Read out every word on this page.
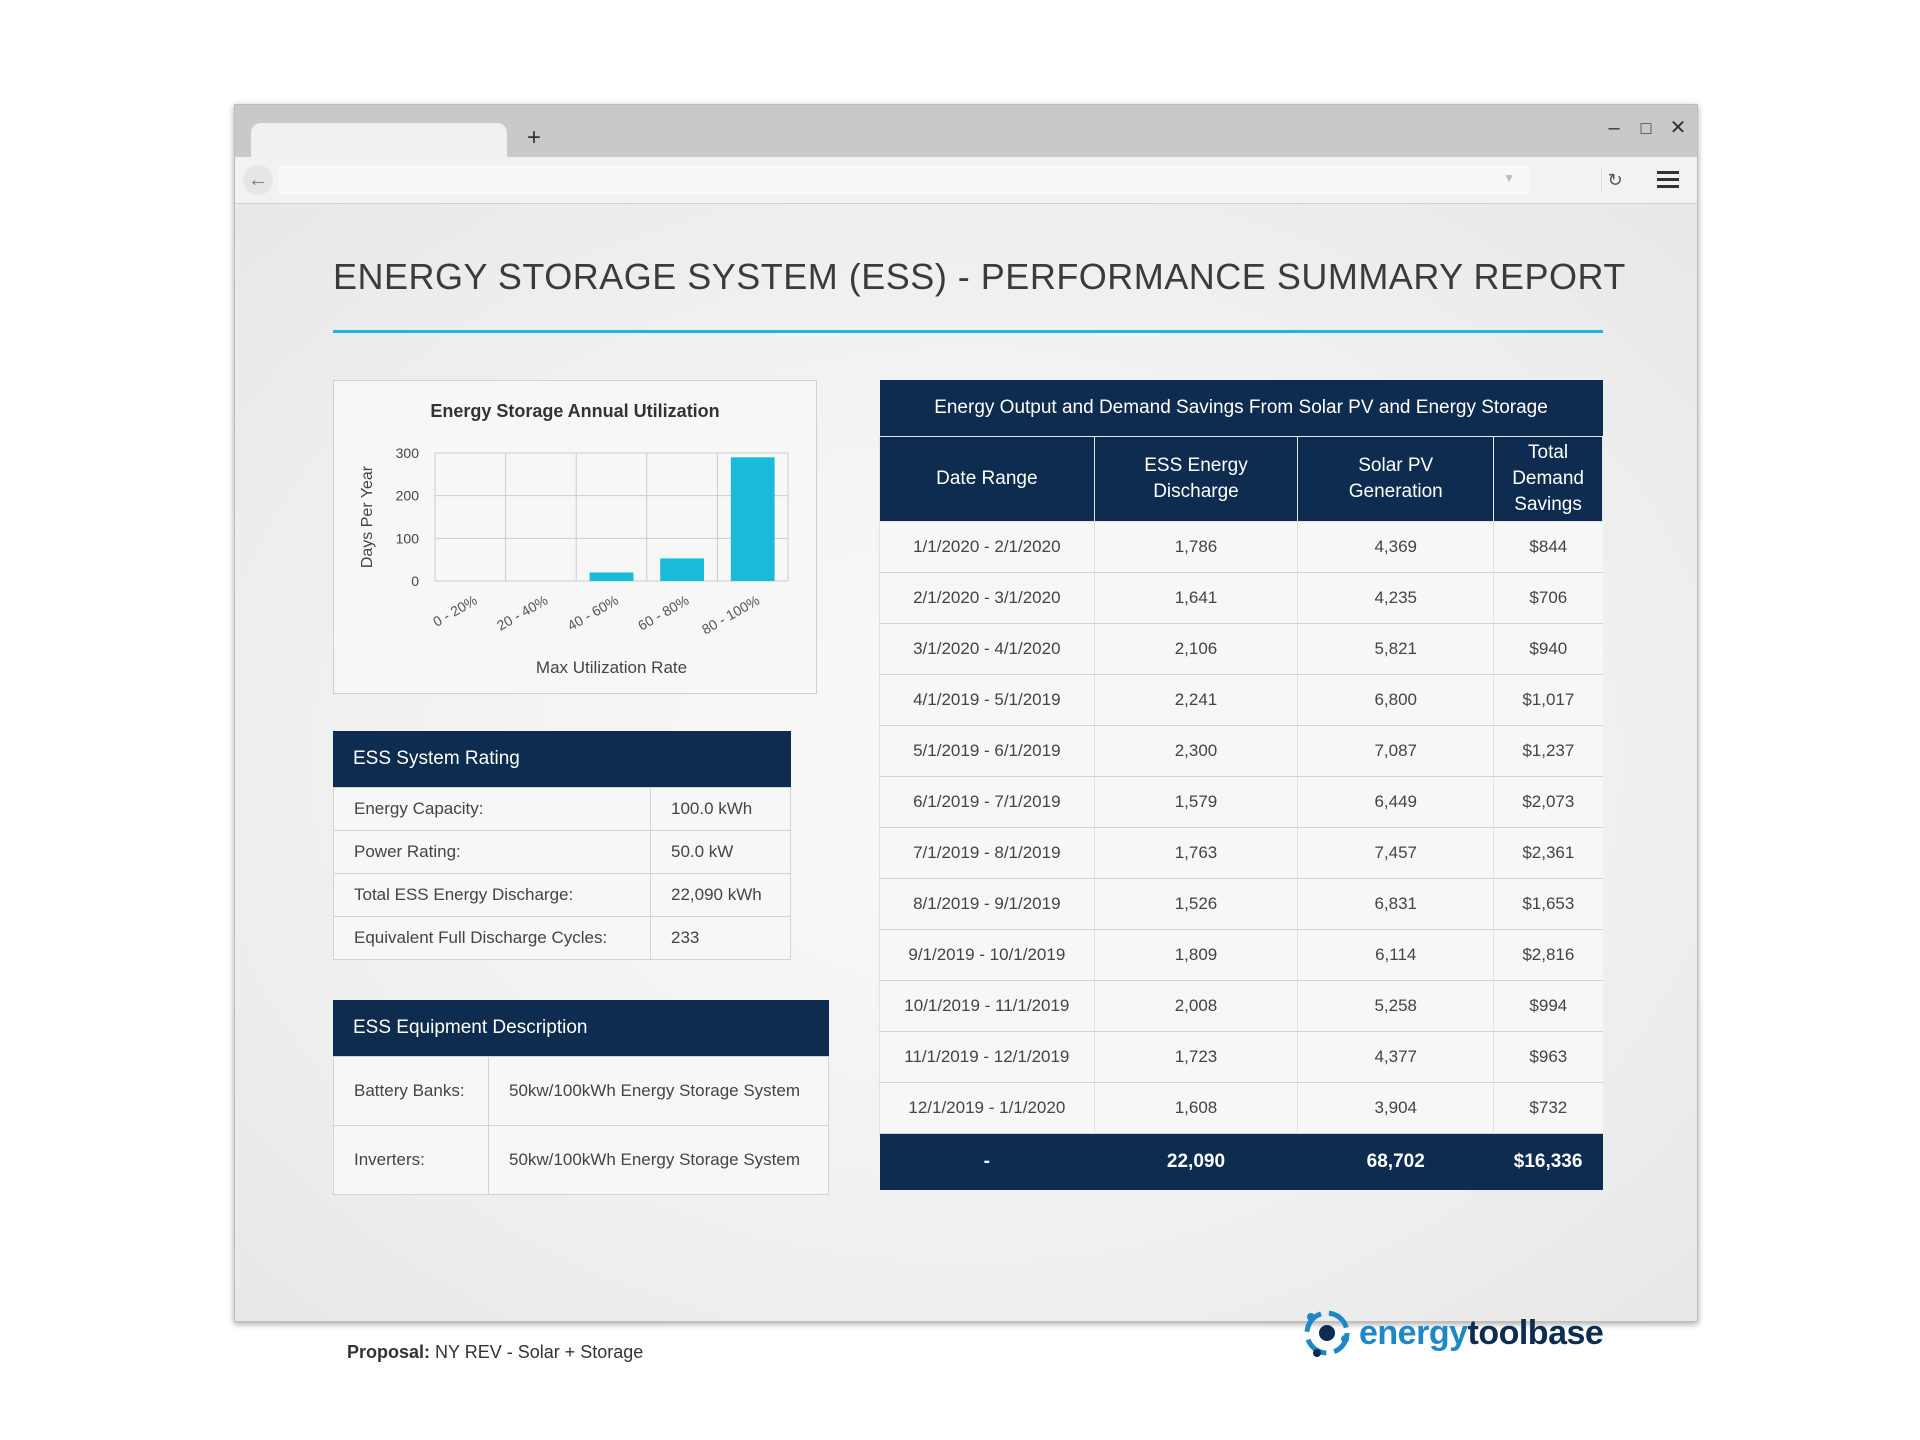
+	–	□ ✕
←	▼	↻
ENERGY STORAGE SYSTEM (ESS) - PERFORMANCE SUMMARY REPORT
Energy Storage Annual Utilization
0
100
200
300
0 - 20% 20 - 40% 40 - 60% 60 - 80% 80 - 100%
Max Utilization Rate
Days Per Year
ESS System Rating
Energy Capacity:	100.0 kWh
Power Rating:	50.0 kW
Total ESS Energy Discharge:	22,090 kWh
Equivalent Full Discharge Cycles:	233
ESS Equipment Description
Battery Banks:	50kw/100kWh Energy Storage System
Inverters:	50kw/100kWh Energy Storage System
Energy Output and Demand Savings From Solar PV and Energy Storage			
Date Range	ESS Energy Discharge	Solar PV Generation	Total Demand Savings
1/1/2020 - 2/1/2020	1,786	4,369	$844
2/1/2020 - 3/1/2020	1,641	4,235	$706
3/1/2020 - 4/1/2020	2,106	5,821	$940
4/1/2019 - 5/1/2019	2,241	6,800	$1,017
5/1/2019 - 6/1/2019	2,300	7,087	$1,237
6/1/2019 - 7/1/2019	1,579	6,449	$2,073
7/1/2019 - 8/1/2019	1,763	7,457	$2,361
8/1/2019 - 9/1/2019	1,526	6,831	$1,653
9/1/2019 - 10/1/2019	1,809	6,114	$2,816
10/1/2019 - 11/1/2019	2,008	5,258	$994
11/1/2019 - 12/1/2019	1,723	4,377	$963
12/1/2019 - 1/1/2020	1,608	3,904	$732
-	22,090	68,702	$16,336
Proposal: NY REV - Solar + Storage
energytoolbase
